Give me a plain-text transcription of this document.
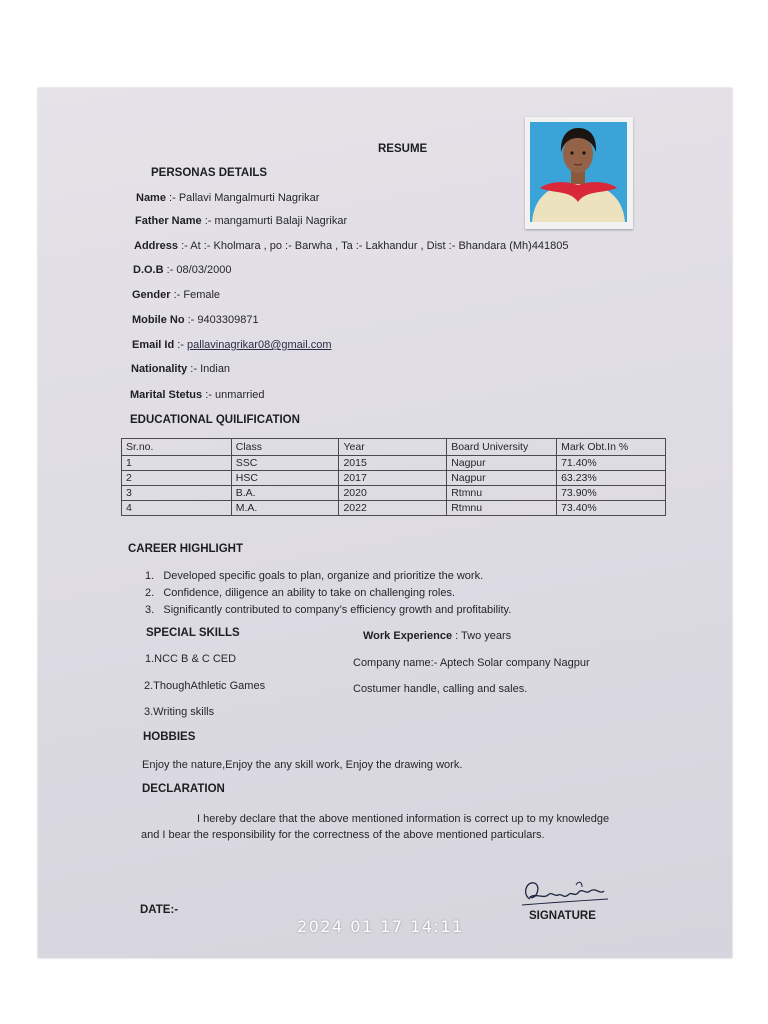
RESUME
PERSONAS DETAILS
Name :- Pallavi Mangalmurti Nagrikar
Father Name :- mangamurti Balaji Nagrikar
Address :- At :- Kholmara , po :- Barwha , Ta :- Lakhandur , Dist :- Bhandara (Mh)441805
D.O.B :- 08/03/2000
Gender :- Female
Mobile No :- 9403309871
Email Id :- pallavinagrikar08@gmail.com
Nationality :- Indian
Marital Stetus :- unmarried
EDUCATIONAL QUILIFICATION
Sr.no.	Class	Year	Board University	Mark Obt.In %
1	SSC	2015	Nagpur	71.40%
2	HSC	2017	Nagpur	63.23%
3	B.A.	2020	Rtmnu	73.90%
4	M.A.	2022	Rtmnu	73.40%
CAREER HIGHLIGHT
1. Developed specific goals to plan, organize and prioritize the work.
2. Confidence, diligence an ability to take on challenging roles.
3. Significantly contributed to company’s efficiency growth and profitability.
SPECIAL SKILLS	Work Experience : Two years
1.NCC B & C CED	Company name:- Aptech Solar company Nagpur
2.ThoughAthletic Games	Costumer handle, calling and sales.
3.Writing skills
HOBBIES
Enjoy the nature,Enjoy the any skill work, Enjoy the drawing work.
DECLARATION
I hereby declare that the above mentioned information is correct up to my knowledge
and I bear the responsibility for the correctness of the above mentioned particulars.
DATE:-	SIGNATURE
2024 01 17 14:11
